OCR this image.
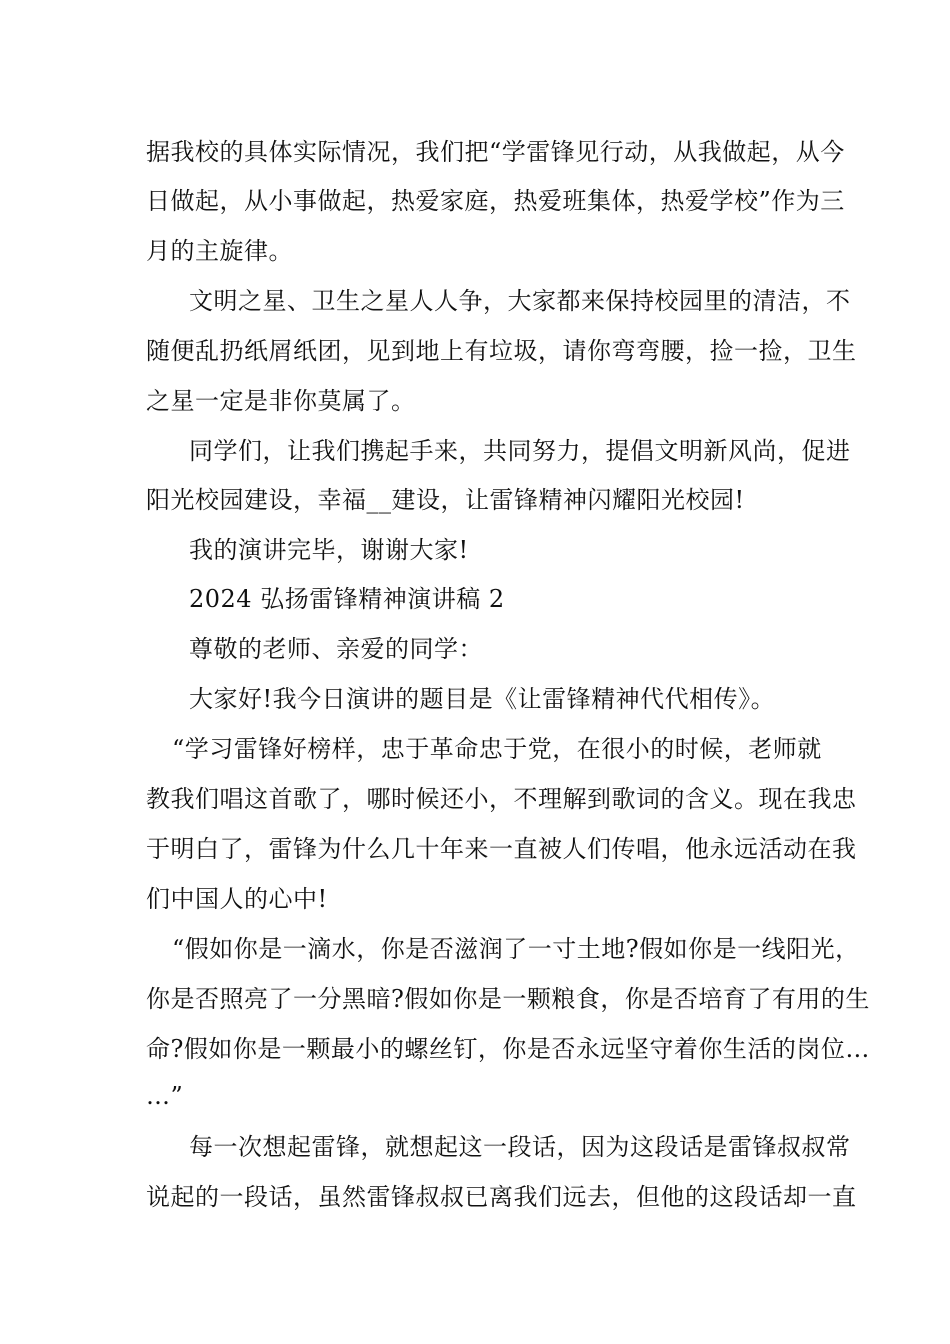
据我校的具体实际情况，我们把“学雷锋见行动，从我做起，从今
日做起，从小事做起，热爱家庭，热爱班集体，热爱学校”作为三
月的主旋律。
文明之星、卫生之星人人争，大家都来保持校园里的清洁，不
随便乱扔纸屑纸团，见到地上有垃圾，请你弯弯腰，捡一捡，卫生
之星一定是非你莫属了。
同学们，让我们携起手来，共同努力，提倡文明新风尚，促进
阳光校园建设，幸福__建设，让雷锋精神闪耀阳光校园!
我的演讲完毕，谢谢大家!
2024 弘扬雷锋精神演讲稿 2
尊敬的老师、亲爱的同学：
大家好!我今日演讲的题目是《让雷锋精神代代相传》。
“学习雷锋好榜样，忠于革命忠于党，在很小的时候，老师就
教我们唱这首歌了，哪时候还小，不理解到歌词的含义。现在我忠
于明白了，雷锋为什么几十年来一直被人们传唱，他永远活动在我
们中国人的心中!
“假如你是一滴水，你是否滋润了一寸土地?假如你是一线阳光，
你是否照亮了一分黑暗?假如你是一颗粮食，你是否培育了有用的生
命?假如你是一颗最小的螺丝钉，你是否永远坚守着你生活的岗位…
…”
每一次想起雷锋，就想起这一段话，因为这段话是雷锋叔叔常
说起的一段话，虽然雷锋叔叔已离我们远去，但他的这段话却一直
